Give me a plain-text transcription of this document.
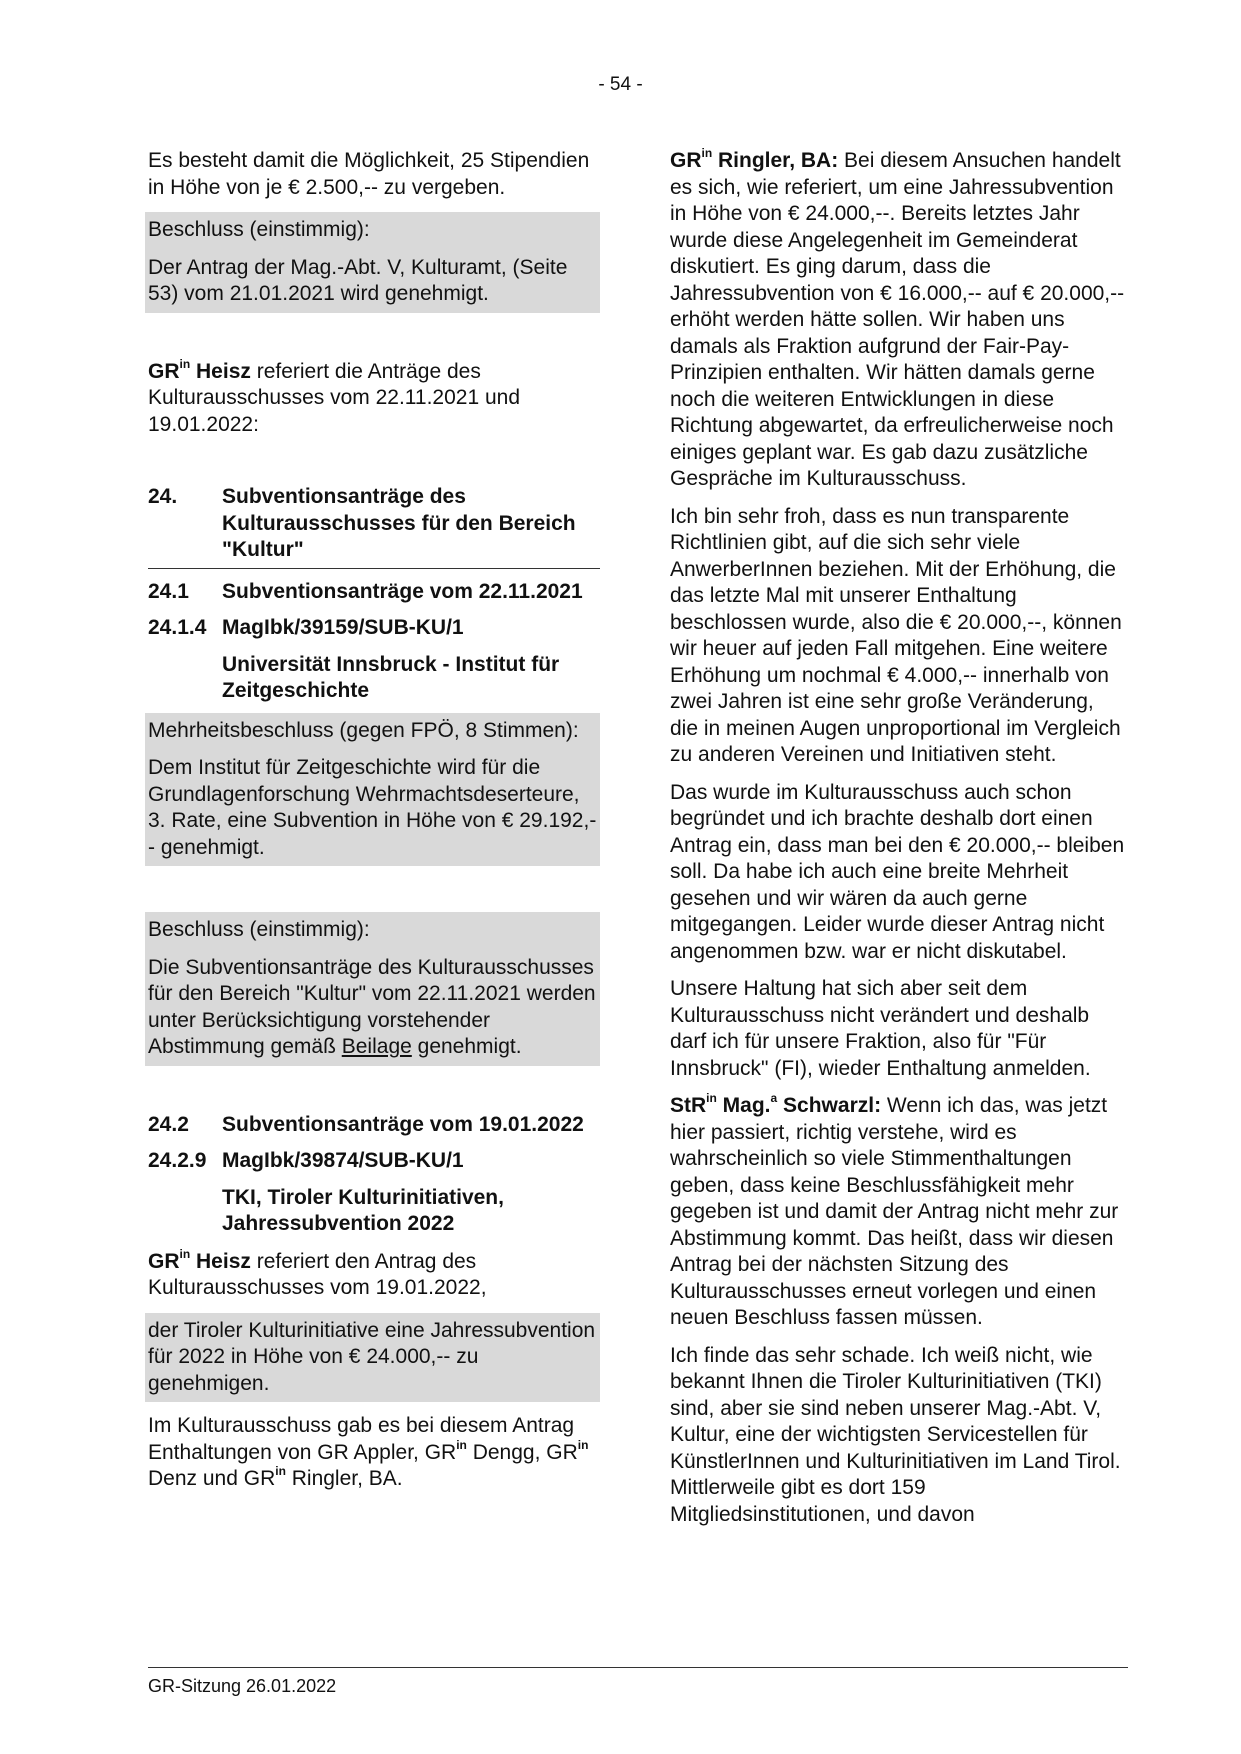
- 54 -

Es besteht damit die Möglichkeit, 25 Stipendien in Höhe von je € 2.500,-- zu vergeben.

Beschluss (einstimmig):

Der Antrag der Mag.-Abt. V, Kulturamt, (Seite 53) vom 21.01.2021 wird genehmigt.

$GR^{in}$ Heisz referiert die Anträge des Kulturausschusses vom 22.11.2021 und 19.01.2022:

24.	Subventionsanträge des Kulturausschusses für den Bereich "Kultur"
24.1	Subventionsanträge vom 22.11.2021
24.1.4 MagIbk/39159/SUB-KU/1

Universität Innsbruck - Institut für Zeitgeschichte

Mehrheitsbeschluss (gegen FPÖ, 8 Stimmen):

Dem Institut für Zeitgeschichte wird für die Grundlagenforschung Wehrmachtsdeserteure, 3. Rate, eine Subvention in Höhe von € 29.192,-- genehmigt.

Beschluss (einstimmig):

Die Subventionsanträge des Kulturausschusses für den Bereich "Kultur" vom 22.11.2021 werden unter Berücksichtigung vorstehender Abstimmung gemäß Beilage genehmigt.

24.2	Subventionsanträge vom 19.01.2022
24.2.9 MagIbk/39874/SUB-KU/1

TKI, Tiroler Kulturinitiativen, Jahressubvention 2022

$GR^{in}$ Heisz referiert den Antrag des Kulturausschusses vom 19.01.2022,

der Tiroler Kulturinitiative eine Jahressubvention für 2022 in Höhe von € 24.000,-- zu genehmigen.

Im Kulturausschuss gab es bei diesem Antrag Enthaltungen von GR Appler, $GR^{in}$ Dengg, $GR^{in}$ Denz und $GR^{in}$ Ringler, BA.

$GR^{in}$ Ringler, BA: Bei diesem Ansuchen handelt es sich, wie referiert, um eine Jahressubvention in Höhe von € 24.000,--. Bereits letztes Jahr wurde diese Angelegenheit im Gemeinderat diskutiert. Es ging darum, dass die Jahressubvention von € 16.000,-- auf € 20.000,-- erhöht werden hätte sollen. Wir haben uns damals als Fraktion aufgrund der Fair-Pay-Prinzipien enthalten. Wir hätten damals gerne noch die weiteren Entwicklungen in diese Richtung abgewartet, da erfreulicherweise noch einiges geplant war. Es gab dazu zusätzliche Gespräche im Kulturausschuss.

Ich bin sehr froh, dass es nun transparente Richtlinien gibt, auf die sich sehr viele AnwerberInnen beziehen. Mit der Erhöhung, die das letzte Mal mit unserer Enthaltung beschlossen wurde, also die € 20.000,--, können wir heuer auf jeden Fall mitgehen. Eine weitere Erhöhung um nochmal € 4.000,-- innerhalb von zwei Jahren ist eine sehr große Veränderung, die in meinen Augen unproportional im Vergleich zu anderen Vereinen und Initiativen steht.

Das wurde im Kulturausschuss auch schon begründet und ich brachte deshalb dort einen Antrag ein, dass man bei den € 20.000,-- bleiben soll. Da habe ich auch eine breite Mehrheit gesehen und wir wären da auch gerne mitgegangen. Leider wurde dieser Antrag nicht angenommen bzw. war er nicht diskutabel.

Unsere Haltung hat sich aber seit dem Kulturausschuss nicht verändert und deshalb darf ich für unsere Fraktion, also für "Für Innsbruck" (FI), wieder Enthaltung anmelden.

StR$^{in}$ Mag.$^a$ Schwarzl: Wenn ich das, was jetzt hier passiert, richtig verstehe, wird es wahrscheinlich so viele Stimmenthaltungen geben, dass keine Beschlussfähigkeit mehr gegeben ist und damit der Antrag nicht mehr zur Abstimmung kommt. Das heißt, dass wir diesen Antrag bei der nächsten Sitzung des Kulturausschusses erneut vorlegen und einen neuen Beschluss fassen müssen.

Ich finde das sehr schade. Ich weiß nicht, wie bekannt Ihnen die Tiroler Kulturinitiativen (TKI) sind, aber sie sind neben unserer Mag.-Abt. V, Kultur, eine der wichtigsten Servicestellen für KünstlerInnen und Kulturinitiativen im Land Tirol. Mittlerweile gibt es dort 159 Mitgliedsinstitutionen, und davon

GR-Sitzung 26.01.2022
